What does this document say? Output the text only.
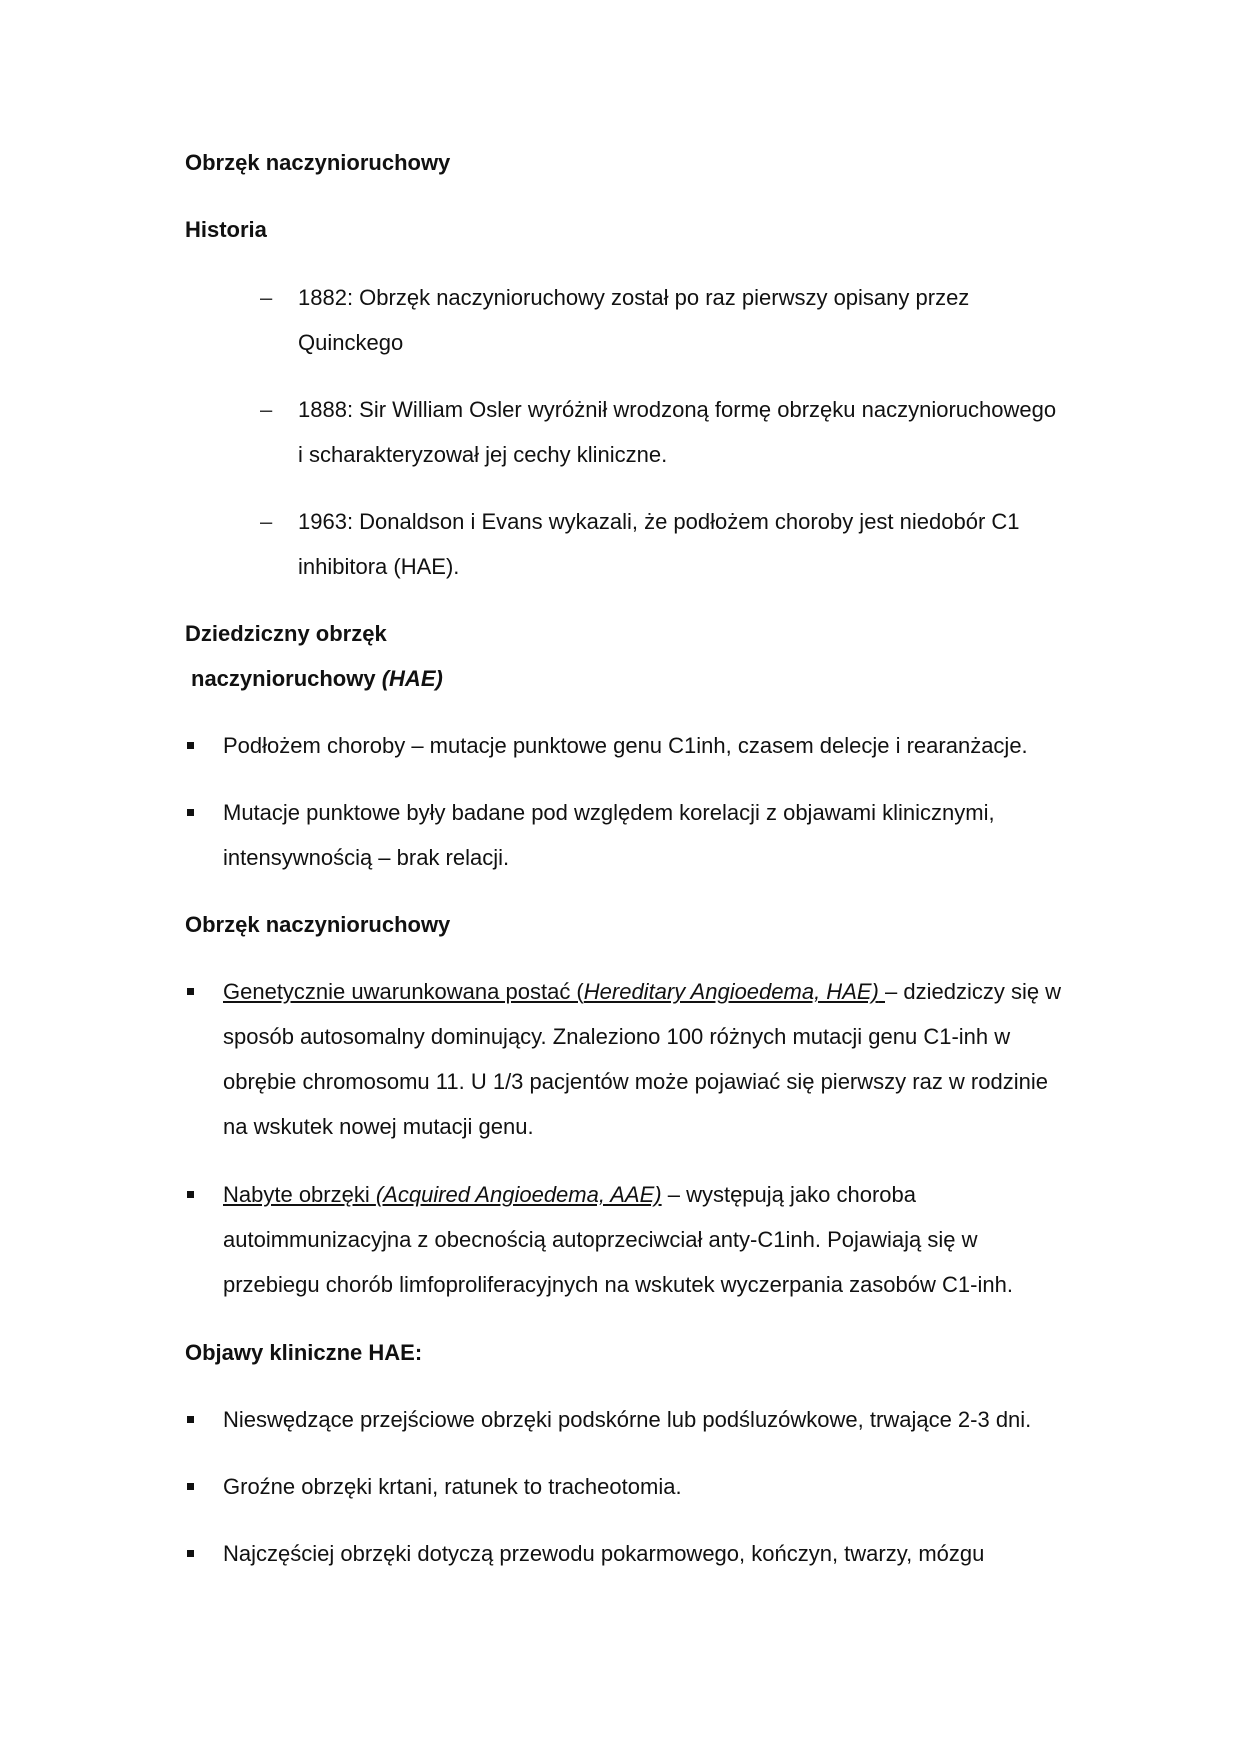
Obrzęk naczynioruchowy
Historia
– 1882: Obrzęk naczynioruchowy został po raz pierwszy opisany przez
Quinckego
– 1888: Sir William Osler wyróżnił wrodzoną formę obrzęku naczynioruchowego
i scharakteryzował jej cechy kliniczne.
– 1963: Donaldson i Evans wykazali, że podłożem choroby jest niedobór C1
inhibitora (HAE).
Dziedziczny obrzęk
naczynioruchowy (HAE)
Podłożem choroby – mutacje punktowe genu C1inh, czasem delecje i rearanżacje.
Mutacje punktowe były badane pod względem korelacji z objawami klinicznymi,
intensywnością – brak relacji.
Obrzęk naczynioruchowy
Genetycznie uwarunkowana postać (Hereditary Angioedema, HAE) – dziedziczy się w
sposób autosomalny dominujący. Znaleziono 100 różnych mutacji genu C1-inh w
obrębie chromosomu 11. U 1/3 pacjentów może pojawiać się pierwszy raz w rodzinie
na wskutek nowej mutacji genu.
Nabyte obrzęki (Acquired Angioedema, AAE) – występują jako choroba
autoimmunizacyjna z obecnością autoprzeciwciał anty-C1inh. Pojawiają się w
przebiegu chorób limfoproliferacyjnych na wskutek wyczerpania zasobów C1-inh.
Objawy kliniczne HAE:
Nieswędzące przejściowe obrzęki podskórne lub podśluzówkowe, trwające 2-3 dni.
Groźne obrzęki krtani, ratunek to tracheotomia.
Najczęściej obrzęki dotyczą przewodu pokarmowego, kończyn, twarzy, mózgu
